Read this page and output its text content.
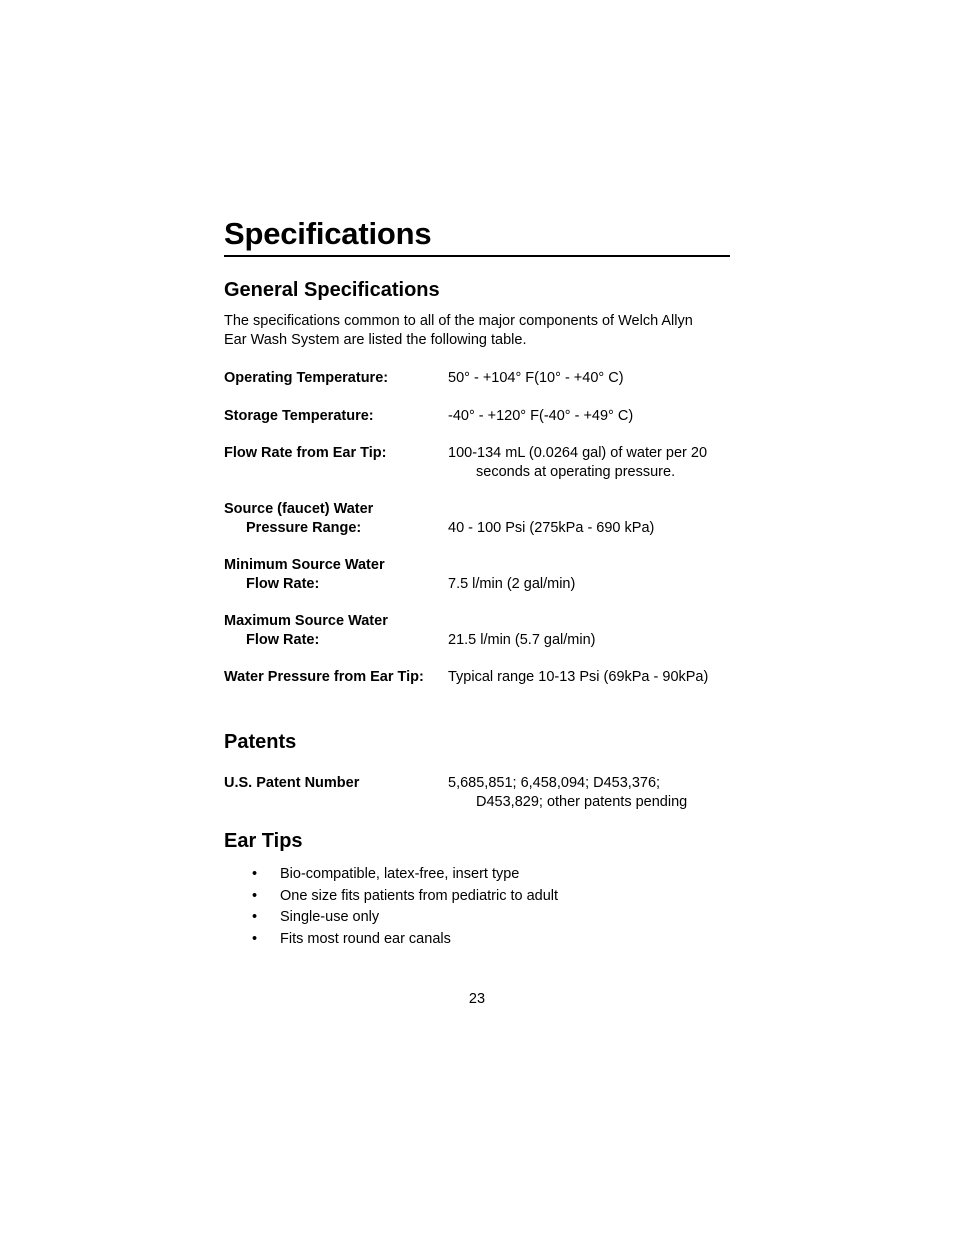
Specifications
General Specifications

The specifications common to all of the major components of Welch Allyn Ear Wash System are listed the following table.

Operating Temperature:	50° - +104° F(10° - +40° C)
Storage Temperature:	-40° - +120° F(-40° - +49° C)
Flow Rate from Ear Tip:	100-134 mL (0.0264 gal) of water per 20
seconds at operating pressure.
Source (faucet) Water
Pressure Range:	40 - 100 Psi (275kPa - 690 kPa)
Minimum Source Water
Flow Rate:	7.5 l/min (2 gal/min)
Maximum Source Water
Flow Rate:	21.5 l/min (5.7 gal/min)
Water Pressure from Ear Tip:	Typical range 10-13 Psi (69kPa - 90kPa)
Patents
U.S. Patent Number	5,685,851; 6,458,094; D453,376;
D453,829; other patents pending
Ear Tips
• Bio-compatible, latex-free, insert type
• One size fits patients from pediatric to adult
• Single-use only
• Fits most round ear canals
23
